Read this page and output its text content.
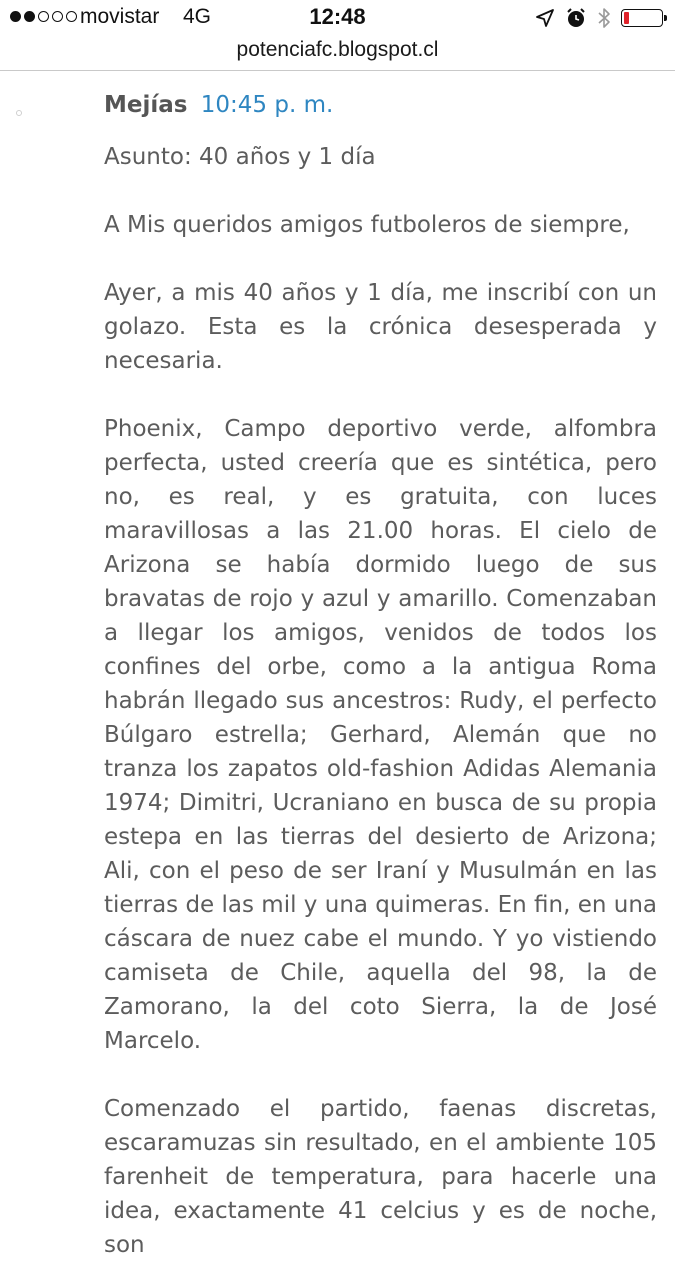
movistar 4G	12:48
potenciafc.blogspot.cl
Mejías 10:45 p. m.
Asunto: 40 años y 1 día

A Mis queridos amigos futboleros de siempre,

Ayer, a mis 40 años y 1 día, me inscribí con un golazo. Esta es la crónica desesperada y necesaria.

Phoenix, Campo deportivo verde, alfombra perfecta, usted creería que es sintética, pero no, es real, y es gratuita, con luces maravillosas a las 21.00 horas. El cielo de Arizona se había dormido luego de sus bravatas de rojo y azul y amarillo. Comenzaban a llegar los amigos, venidos de todos los confines del orbe, como a la antigua Roma habrán llegado sus ancestros: Rudy, el perfecto Búlgaro estrella; Gerhard, Alemán que no tranza los zapatos old-fashion Adidas Alemania 1974; Dimitri, Ucraniano en busca de su propia estepa en las tierras del desierto de Arizona; Ali, con el peso de ser Iraní y Musulmán en las tierras de las mil y una quimeras. En fin, en una cáscara de nuez cabe el mundo. Y yo vistiendo camiseta de Chile, aquella del 98, la de Zamorano, la del coto Sierra, la de José Marcelo.

Comenzado el partido, faenas discretas, escaramuzas sin resultado, en el ambiente 105 farenheit de temperatura, para hacerle una idea, exactamente 41 celcius y es de noche, son
